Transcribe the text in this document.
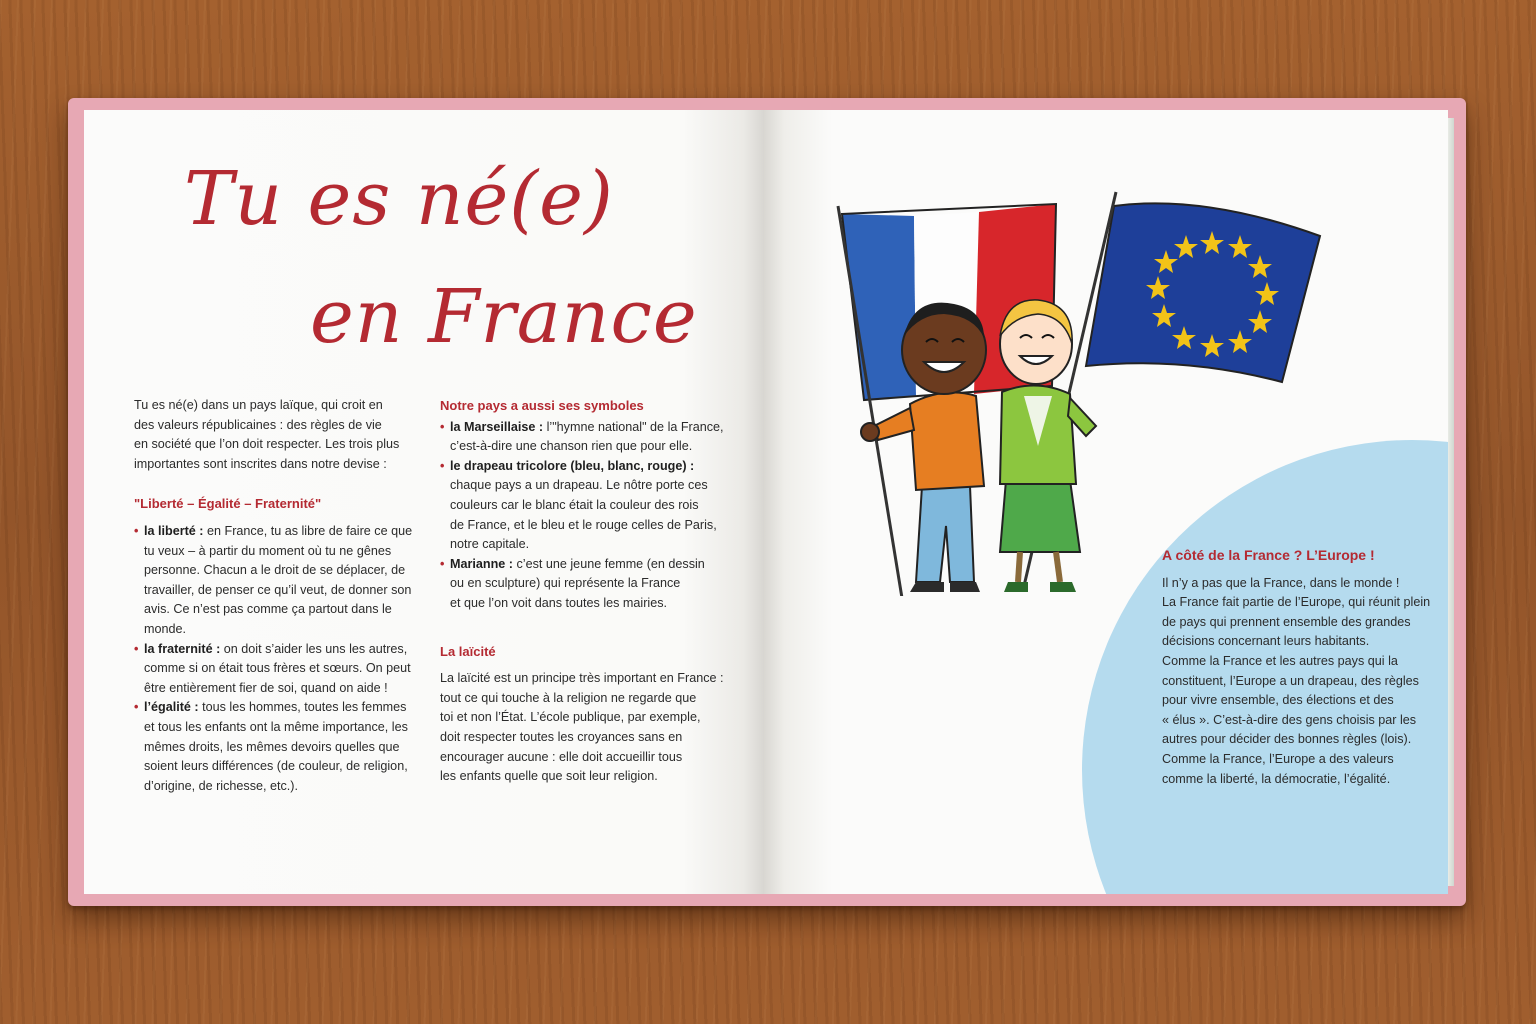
Tu es né(e)
en France
Tu es né(e) dans un pays laïque, qui croit en
des valeurs républicaines : des règles de vie
en société que l’on doit respecter. Les trois plus
importantes sont inscrites dans notre devise :
"Liberté – Égalité – Fraternité"
• la liberté : en France, tu as libre de faire ce que
tu veux – à partir du moment où tu ne gênes
personne. Chacun a le droit de se déplacer, de
travailler, de penser ce qu’il veut, de donner son
avis. Ce n’est pas comme ça partout dans le
monde.
• la fraternité : on doit s’aider les uns les autres,
comme si on était tous frères et sœurs. On peut
être entièrement fier de soi, quand on aide !
• l’égalité : tous les hommes, toutes les femmes
et tous les enfants ont la même importance, les
mêmes droits, les mêmes devoirs quelles que
soient leurs différences (de couleur, de religion,
d’origine, de richesse, etc.).
Notre pays a aussi ses symboles
• la Marseillaise : l’"hymne national" de la France,
c’est-à-dire une chanson rien que pour elle.
• le drapeau tricolore (bleu, blanc, rouge) :
chaque pays a un drapeau. Le nôtre porte ces
couleurs car le blanc était la couleur des rois
de France, et le bleu et le rouge celles de Paris,
notre capitale.
• Marianne : c’est une jeune femme (en dessin
ou en sculpture) qui représente la France
et que l’on voit dans toutes les mairies.
La laïcité
La laïcité est un principe très important en France :
tout ce qui touche à la religion ne regarde que
toi et non l’État. L’école publique, par exemple,
doit respecter toutes les croyances sans en
encourager aucune : elle doit accueillir tous
les enfants quelle que soit leur religion.
A côté de la France ? L’Europe !
Il n’y a pas que la France, dans le monde !
La France fait partie de l’Europe, qui réunit plein
de pays qui prennent ensemble des grandes
décisions concernant leurs habitants.
Comme la France et les autres pays qui la
constituent, l’Europe a un drapeau, des règles
pour vivre ensemble, des élections et des
« élus ». C’est-à-dire des gens choisis par les
autres pour décider des bonnes règles (lois).
Comme la France, l’Europe a des valeurs
comme la liberté, la démocratie, l’égalité.
